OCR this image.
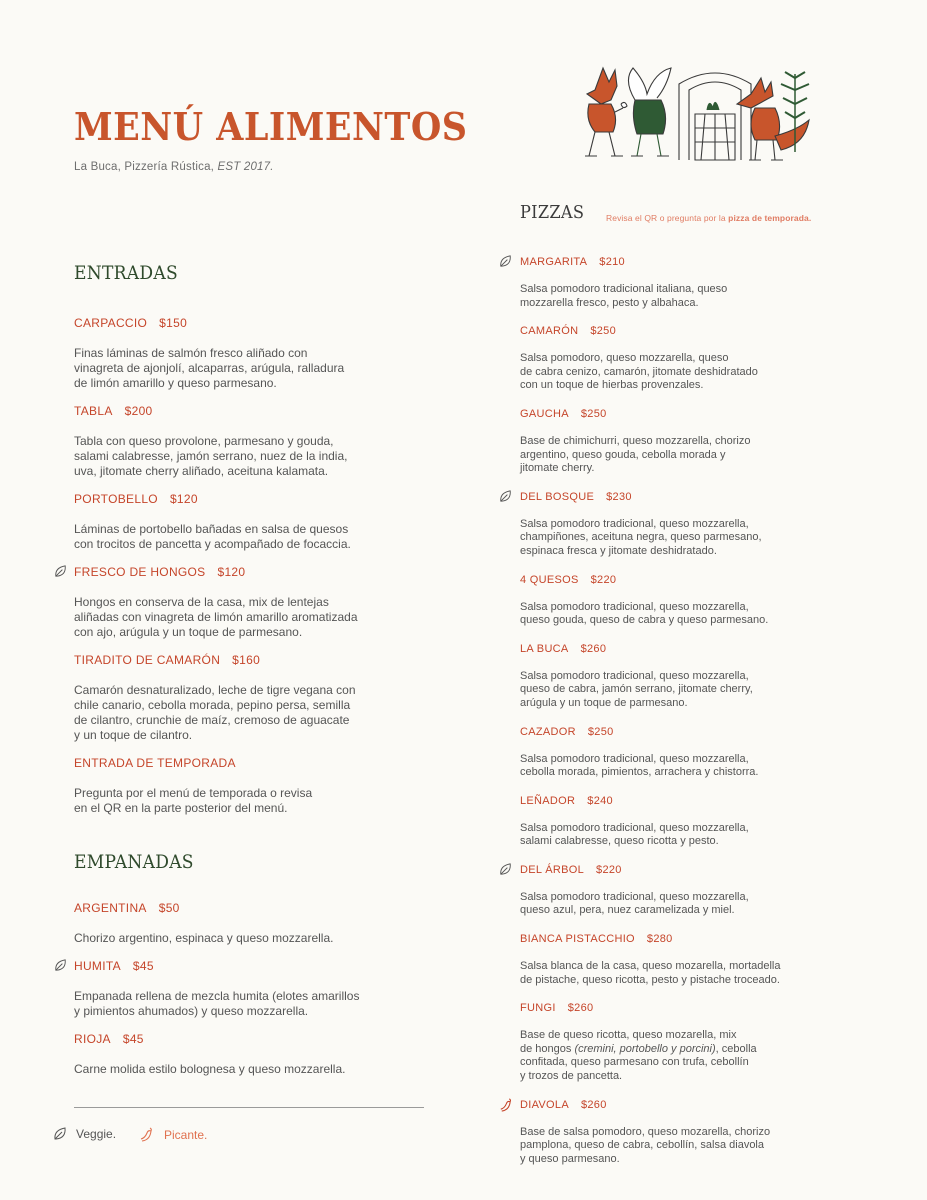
MENÚ ALIMENTOS
La Buca, Pizzería Rústica, EST 2017.
ENTRADAS
CARPACCIO $150
Finas láminas de salmón fresco aliñado con
vinagreta de ajonjolí, alcaparras, arúgula, ralladura
de limón amarillo y queso parmesano.
TABLA $200
Tabla con queso provolone, parmesano y gouda,
salami calabresse, jamón serrano, nuez de la india,
uva, jitomate cherry aliñado, aceituna kalamata.
PORTOBELLO $120
Láminas de portobello bañadas en salsa de quesos
con trocitos de pancetta y acompañado de focaccia.
FRESCO DE HONGOS $120
Hongos en conserva de la casa, mix de lentejas
aliñadas con vinagreta de limón amarillo aromatizada
con ajo, arúgula y un toque de parmesano.
TIRADITO DE CAMARÓN $160
Camarón desnaturalizado, leche de tigre vegana con
chile canario, cebolla morada, pepino persa, semilla
de cilantro, crunchie de maíz, cremoso de aguacate
y un toque de cilantro.
ENTRADA DE TEMPORADA
Pregunta por el menú de temporada o revisa
en el QR en la parte posterior del menú.
EMPANADAS
ARGENTINA $50
Chorizo argentino, espinaca y queso mozzarella.
HUMITA $45
Empanada rellena de mezcla humita (elotes amarillos
y pimientos ahumados) y queso mozzarella.
RIOJA $45
Carne molida estilo bolognesa y queso mozzarella.
PIZZAS	Revisa el QR o pregunta por la pizza de temporada.
MARGARITA $210
Salsa pomodoro tradicional italiana, queso
mozzarella fresco, pesto y albahaca.
CAMARÓN $250
Salsa pomodoro, queso mozzarella, queso
de cabra cenizo, camarón, jitomate deshidratado
con un toque de hierbas provenzales.
GAUCHA $250
Base de chimichurri, queso mozzarella, chorizo
argentino, queso gouda, cebolla morada y
jitomate cherry.
DEL BOSQUE $230
Salsa pomodoro tradicional, queso mozzarella,
champiñones, aceituna negra, queso parmesano,
espinaca fresca y jitomate deshidratado.
4 QUESOS $220
Salsa pomodoro tradicional, queso mozzarella,
queso gouda, queso de cabra y queso parmesano.
LA BUCA $260
Salsa pomodoro tradicional, queso mozzarella,
queso de cabra, jamón serrano, jitomate cherry,
arúgula y un toque de parmesano.
CAZADOR $250
Salsa pomodoro tradicional, queso mozzarella,
cebolla morada, pimientos, arrachera y chistorra.
LEÑADOR $240
Salsa pomodoro tradicional, queso mozzarella,
salami calabresse, queso ricotta y pesto.
DEL ÁRBOL $220
Salsa pomodoro tradicional, queso mozzarella,
queso azul, pera, nuez caramelizada y miel.
BIANCA PISTACCHIO $280
Salsa blanca de la casa, queso mozarella, mortadella
de pistache, queso ricotta, pesto y pistache troceado.
FUNGI $260
Base de queso ricotta, queso mozarella, mix
de hongos (cremini, portobello y porcini), cebolla
confitada, queso parmesano con trufa, cebollín
y trozos de pancetta.
DIAVOLA $260
Base de salsa pomodoro, queso mozarella, chorizo
pamplona, queso de cabra, cebollín, salsa diavola
y queso parmesano.
Veggie.	Picante.
